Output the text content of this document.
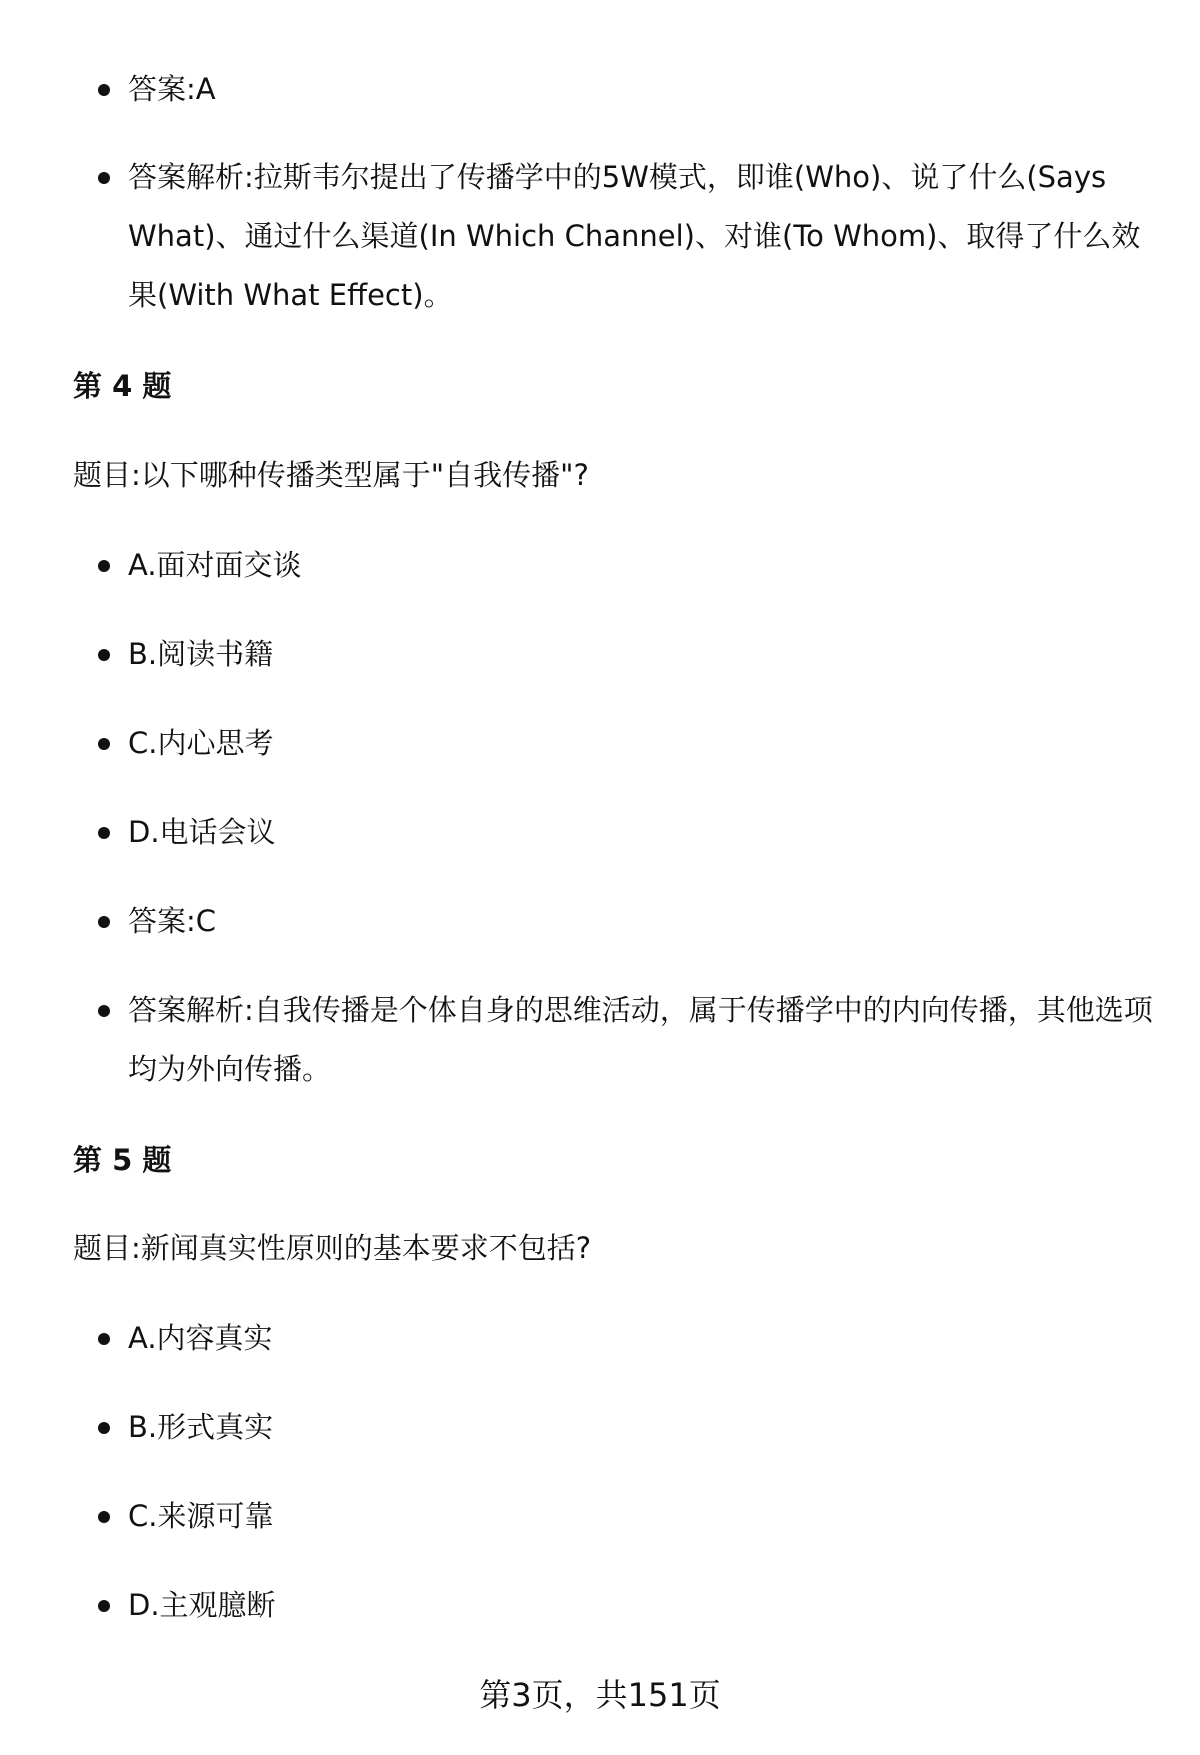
答案:A
答案解析:拉斯韦尔提出了传播学中的5W模式，即谁(Who)、说了什么(Says What)、通过什么渠道(In Which Channel)、对谁(To Whom)、取得了什么效果(With What Effect)。
第 4 题
题目:以下哪种传播类型属于"自我传播"?
A.面对面交谈
B.阅读书籍
C.内心思考
D.电话会议
答案:C
答案解析:自我传播是个体自身的思维活动，属于传播学中的内向传播，其他选项均为外向传播。
第 5 题
题目:新闻真实性原则的基本要求不包括?
A.内容真实
B.形式真实
C.来源可靠
D.主观臆断
第3页，共151页
